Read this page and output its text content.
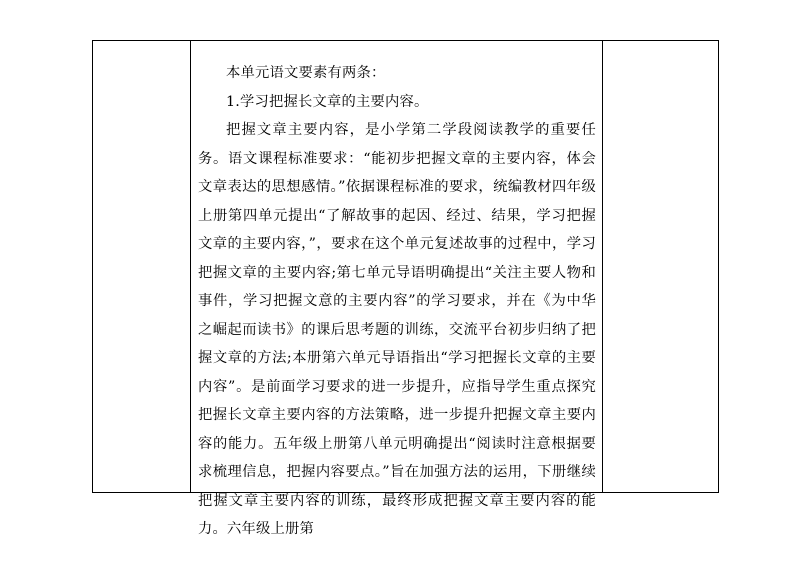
本单元语文要素有两条：

1.学习把握长文章的主要内容。

把握文章主要内容，是小学第二学段阅读教学的重要任务。语文课程标准要求：“能初步把握文章的主要内容，体会文章表达的思想感情。”依据课程标准的要求，统编教材四年级上册第四单元提出“了解故事的起因、经过、结果，学习把握文章的主要内容，”，要求在这个单元复述故事的过程中，学习把握文章的主要内容;第七单元导语明确提出“关注主要人物和事件，学习把握文意的主要内容”的学习要求，并在《为中华之崛起而读书》的课后思考题的训练，交流平台初步归纳了把握文章的方法;本册第六单元导语指出“学习把握长文章的主要内容”。是前面学习要求的进一步提升，应指导学生重点探究把握长文章主要内容的方法策略，进一步提升把握文章主要内容的能力。五年级上册第八单元明确提出“阅读时注意根据要求梳理信息，把握内容要点。”旨在加强方法的运用，下册继续把握文章主要内容的训练，最终形成把握文章主要内容的能力。六年级上册第
